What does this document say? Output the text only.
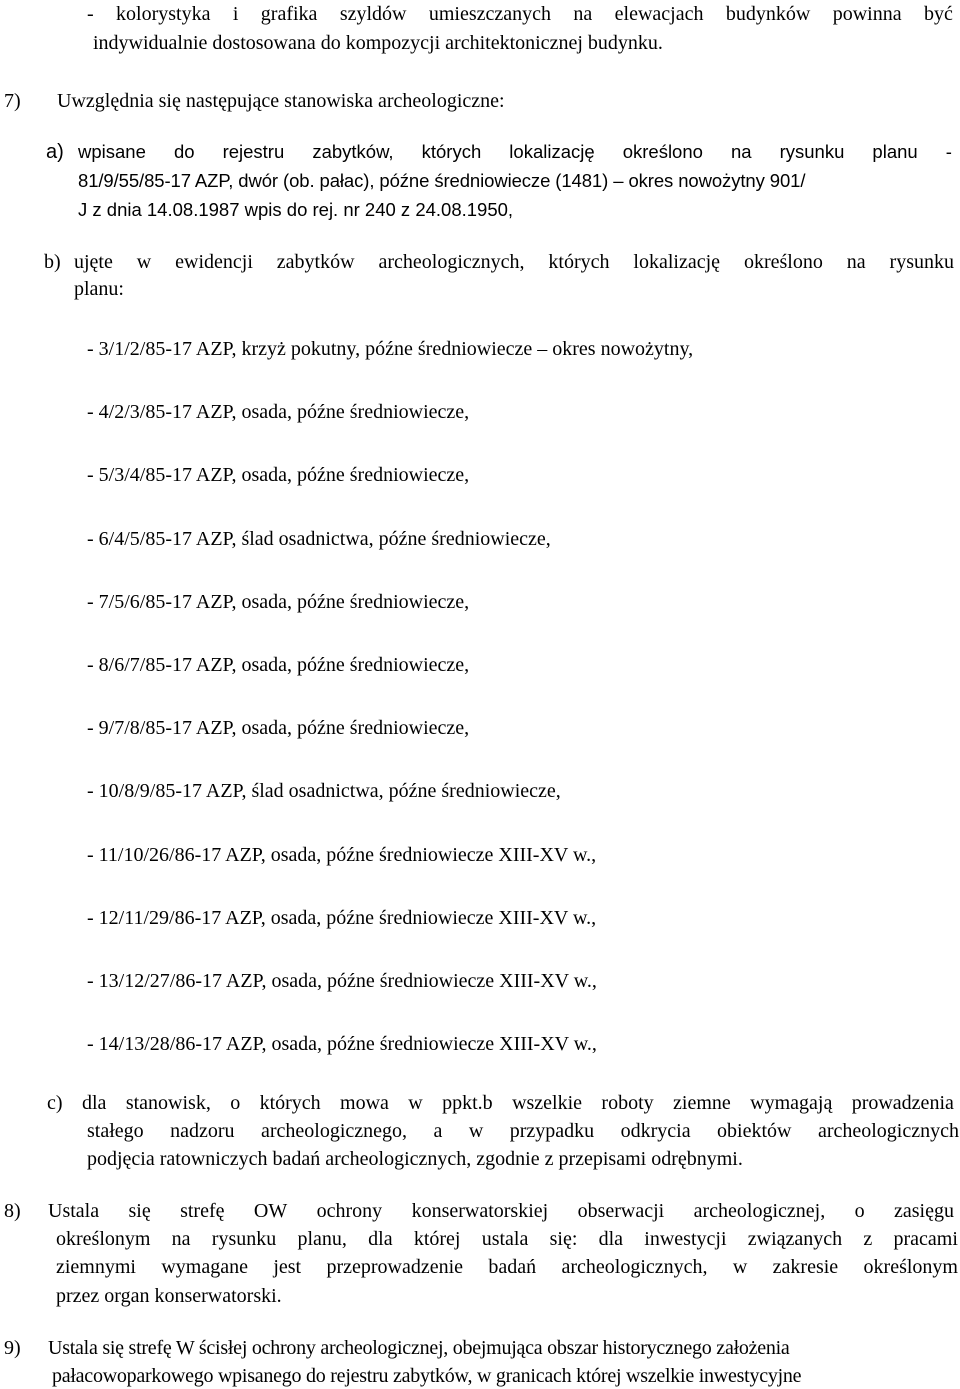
- kolorystyka i grafika szyldów umieszczanych na elewacjach budynków powinna być
indywidualnie dostosowana do kompozycji architektonicznej budynku.
7) Uwzględnia się następujące stanowiska archeologiczne:
a) wpisane do rejestru zabytków, których lokalizację określono na rysunku planu -
81/9/55/85-17 AZP, dwór (ob. pałac), późne średniowiecze (1481) – okres nowożytny 901/
J z dnia 14.08.1987 wpis do rej. nr 240 z 24.08.1950,
b) ujęte w ewidencji zabytków archeologicznych, których lokalizację określono na rysunku
planu:
- 3/1/2/85-17 AZP, krzyż pokutny, późne średniowiecze – okres nowożytny,
- 4/2/3/85-17 AZP, osada, późne średniowiecze,
- 5/3/4/85-17 AZP, osada, późne średniowiecze,
- 6/4/5/85-17 AZP, ślad osadnictwa, późne średniowiecze,
- 7/5/6/85-17 AZP, osada, późne średniowiecze,
- 8/6/7/85-17 AZP, osada, późne średniowiecze,
- 9/7/8/85-17 AZP, osada, późne średniowiecze,
- 10/8/9/85-17 AZP, ślad osadnictwa, późne średniowiecze,
- 11/10/26/86-17 AZP, osada, późne średniowiecze XIII-XV w.,
- 12/11/29/86-17 AZP, osada, późne średniowiecze XIII-XV w.,
- 13/12/27/86-17 AZP, osada, późne średniowiecze XIII-XV w.,
- 14/13/28/86-17 AZP, osada, późne średniowiecze XIII-XV w.,
c) dla stanowisk, o których mowa w ppkt.b wszelkie roboty ziemne wymagają prowadzenia
stałego nadzoru archeologicznego, a w przypadku odkrycia obiektów archeologicznych
podjęcia ratowniczych badań archeologicznych, zgodnie z przepisami odrębnymi.
8) Ustala się strefę OW ochrony konserwatorskiej obserwacji archeologicznej, o zasięgu
określonym na rysunku planu, dla której ustala się: dla inwestycji związanych z pracami
ziemnymi wymagane jest przeprowadzenie badań archeologicznych, w zakresie określonym
przez organ konserwatorski.
9) Ustala się strefę W ścisłej ochrony archeologicznej, obejmująca obszar historycznego założenia
pałacowoparkowego wpisanego do rejestru zabytków, w granicach której wszelkie inwestycyjne
